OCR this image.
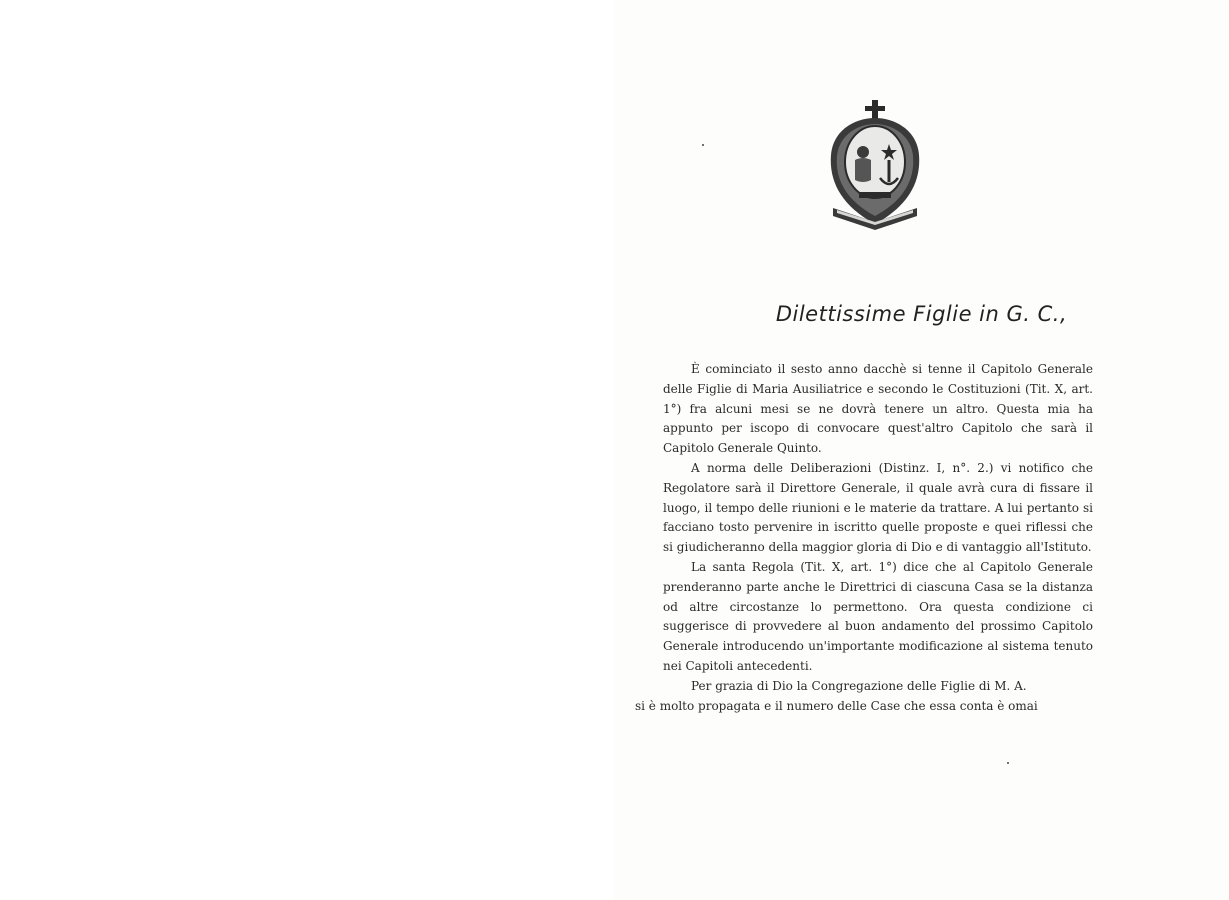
Dilettissime Figlie in G. C.,

È cominciato il sesto anno dacchè si tenne il Capitolo Generale delle Figlie di Maria Ausiliatrice e secondo le Costituzioni (Tit. X, art. 1°) fra alcuni mesi se ne dovrà tenere un altro. Questa mia ha appunto per iscopo di convocare quest'altro Capitolo che sarà il Capitolo Generale Quinto.

A norma delle Deliberazioni (Distinz. I, n°. 2.) vi notifico che Regolatore sarà il Direttore Generale, il quale avrà cura di fissare il luogo, il tempo delle riunioni e le materie da trattare. A lui pertanto si facciano tosto pervenire in iscritto quelle proposte e quei riflessi che si giudicheranno della maggior gloria di Dio e di vantaggio all'Istituto.

La santa Regola (Tit. X, art. 1°) dice che al Capitolo Generale prenderanno parte anche le Direttrici di ciascuna Casa se la distanza od altre circostanze lo permettono. Ora questa condizione ci suggerisce di provvedere al buon andamento del prossimo Capitolo Generale introducendo un'importante modificazione al sistema tenuto nei Capitoli antecedenti.

Per grazia di Dio la Congregazione delle Figlie di M. A.
si è molto propagata e il numero delle Case che essa conta è omai
